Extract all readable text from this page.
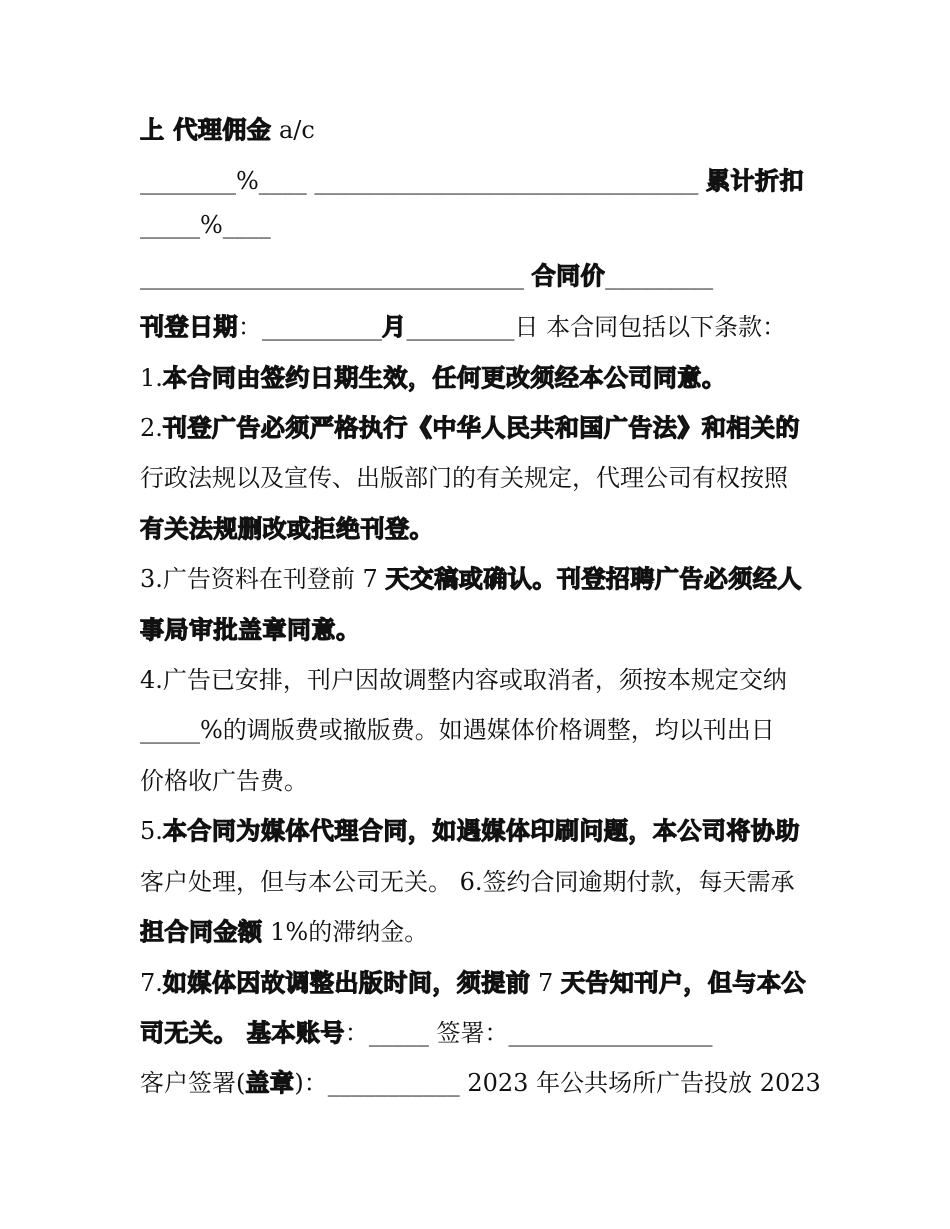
上 代理佣金 a/c
________%____ ________________________________ 累计折扣
_____%____
________________________________ 合同价_________
刊登日期：__________月_________日 本合同包括以下条款：
1.本合同由签约日期生效，任何更改须经本公司同意。
2.刊登广告必须严格执行《中华人民共和国广告法》和相关的
行政法规以及宣传、出版部门的有关规定，代理公司有权按照
有关法规删改或拒绝刊登。
3.广告资料在刊登前 7 天交稿或确认。刊登招聘广告必须经人
事局审批盖章同意。
4.广告已安排，刊户因故调整内容或取消者，须按本规定交纳
_____%的调版费或撤版费。如遇媒体价格调整，均以刊出日
价格收广告费。
5.本合同为媒体代理合同，如遇媒体印刷问题，本公司将协助
客户处理，但与本公司无关。 6.签约合同逾期付款，每天需承
担合同金额 1%的滞纳金。
7.如媒体因故调整出版时间，须提前 7 天告知刊户，但与本公
司无关。 基本账号：_____ 签署：_________________
客户签署(盖章)：___________ 2023 年公共场所广告投放 2023
